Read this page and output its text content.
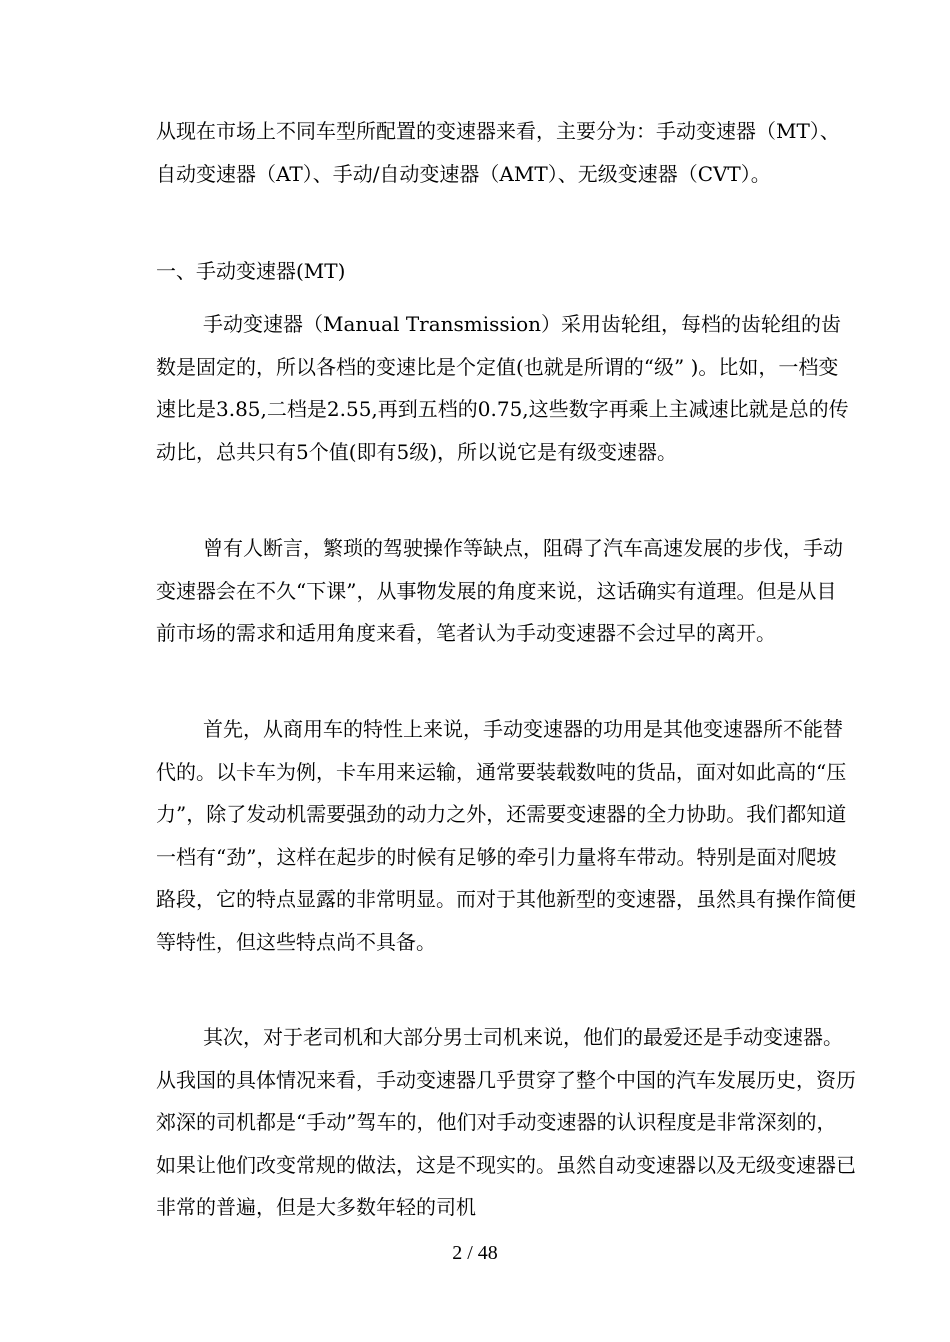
从现在市场上不同车型所配置的变速器来看，主要分为：手动变速器（MT）、自动变速器（AT）、手动/自动变速器（AMT）、无级变速器（CVT）。
一、手动变速器(MT)
手动变速器（Manual Transmission）采用齿轮组，每档的齿轮组的齿数是固定的，所以各档的变速比是个定值(也就是所谓的“级” )。比如，一档变速比是3.85,二档是2.55,再到五档的0.75,这些数字再乘上主减速比就是总的传动比，总共只有5个值(即有5级)，所以说它是有级变速器。
曾有人断言，繁琐的驾驶操作等缺点，阻碍了汽车高速发展的步伐，手动变速器会在不久“下课”，从事物发展的角度来说，这话确实有道理。但是从目前市场的需求和适用角度来看，笔者认为手动变速器不会过早的离开。
首先，从商用车的特性上来说，手动变速器的功用是其他变速器所不能替代的。以卡车为例，卡车用来运输，通常要装载数吨的货品，面对如此高的“压力”，除了发动机需要强劲的动力之外，还需要变速器的全力协助。我们都知道一档有“劲”，这样在起步的时候有足够的牵引力量将车带动。特别是面对爬坡路段，它的特点显露的非常明显。而对于其他新型的变速器，虽然具有操作简便等特性，但这些特点尚不具备。
其次，对于老司机和大部分男士司机来说，他们的最爱还是手动变速器。从我国的具体情况来看，手动变速器几乎贯穿了整个中国的汽车发展历史，资历郊深的司机都是“手动”驾车的，他们对手动变速器的认识程度是非常深刻的，如果让他们改变常规的做法，这是不现实的。虽然自动变速器以及无级变速器已非常的普遍，但是大多数年轻的司机
2 / 48
